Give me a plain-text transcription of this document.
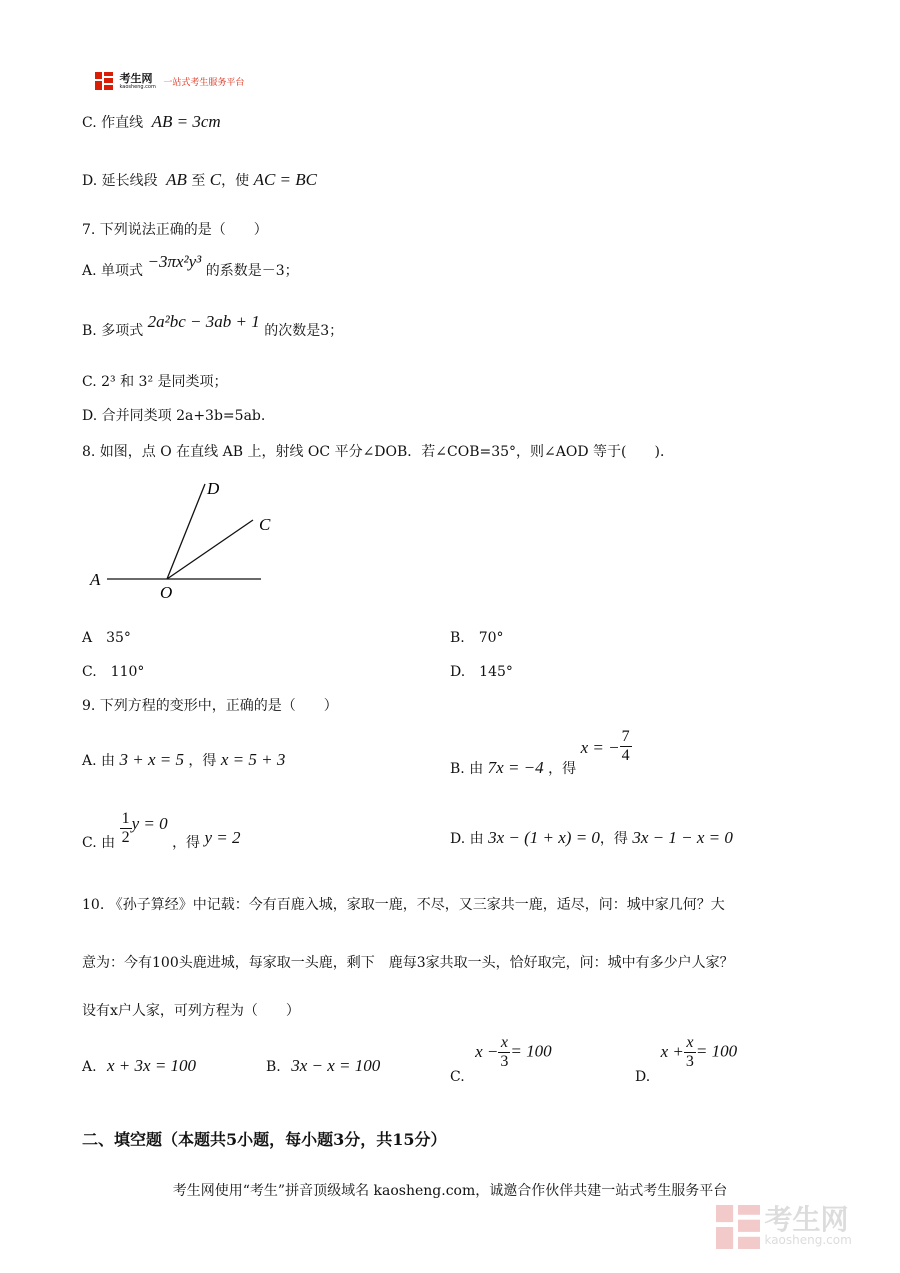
考生网
kaosheng.com 一站式考生服务平台
C. 作直线 AB = 3cm
D. 延长线段 AB 至 C，使 AC = BC
7. 下列说法正确的是（　　）
A. 单项式 −3πx²y³ 的系数是－3；
B. 多项式 2a²bc − 3ab + 1 的次数是3；
C. 2³ 和 3² 是同类项；
D. 合并同类项 2a+3b=5ab.
8. 如图，点 O 在直线 AB 上，射线 OC 平分∠DOB．若∠COB=35°，则∠AOD 等于(　　)．
D
C
A
O
A　35°	B.　70°
C.　110°	D.　145°
9. 下列方程的变形中，正确的是（　　）
A. 由 3 + x = 5 ，得 x = 5 + 3	B. 由 7x = −4 ，得 x = − $\frac{7}{4}$
C. 由 $\frac{1}{2}$ y = 0 ，得 y = 2	D. 由 3x − (1 + x) = 0，得 3x − 1 − x = 0
10. 《孙子算经》中记载：今有百鹿入城，家取一鹿，不尽，又三家共一鹿，适尽，问：城中家几何？大
意为：今有100头鹿进城，每家取一头鹿，剩下　鹿每3家共取一头，恰好取完，问：城中有多少户人家？
设有x户人家，可列方程为（　　）
A. x + 3x = 100	B. 3x − x = 100
C. $x - \frac{x}{3} = 100$
D. $x + \frac{x}{3} = 100$
二、填空题（本题共5小题，每小题3分，共15分）
考生网使用“考生”拼音顶级域名 kaosheng.com，诚邀合作伙伴共建一站式考生服务平台

考生网
kaosheng.com
